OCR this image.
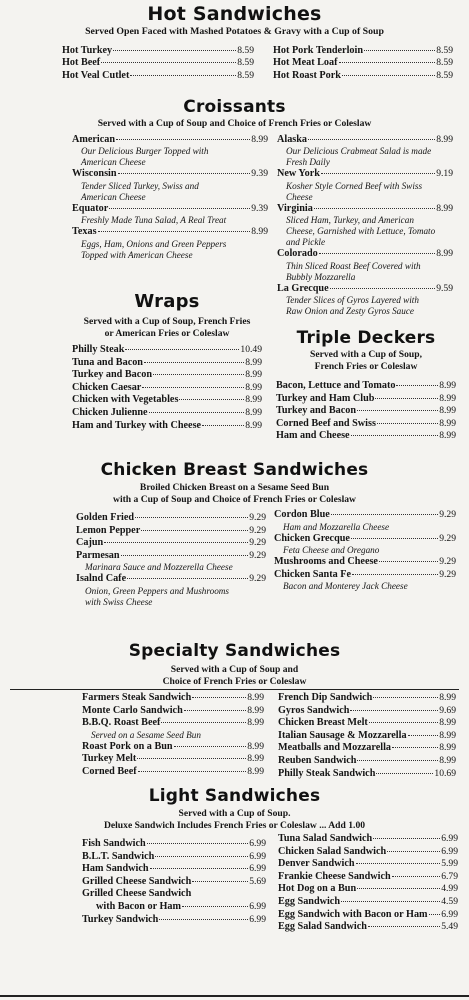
Hot Sandwiches
Served Open Faced with Mashed Potatoes & Gravy with a Cup of Soup
Hot Turkey	8.59
Hot Beef	8.59
Hot Veal Cutlet	8.59
Hot Pork Tenderloin	8.59
Hot Meat Loaf	8.59
Hot Roast Pork	8.59
Croissants
Served with a Cup of Soup and Choice of French Fries or Coleslaw
American	8.99
Our Delicious Burger Topped with
American Cheese
Wisconsin	9.39
Tender Sliced Turkey, Swiss and
American Cheese
Equator	9.39
Freshly Made Tuna Salad, A Real Treat
Texas	8.99
Eggs, Ham, Onions and Green Peppers
Topped with American Cheese
Alaska	8.99
Our Delicious Crabmeat Salad is made
Fresh Daily
New York	9.19
Kosher Style Corned Beef with Swiss
Cheese
Virginia	8.99
Sliced Ham, Turkey, and American
Cheese, Garnished with Lettuce, Tomato
and Pickle
Colorado	8.99
Thin Sliced Roast Beef Covered with
Bubbly Mozzarella
La Grecque	9.59
Tender Slices of Gyros Layered with
Raw Onion and Zesty Gyros Sauce
Wraps
Served with a Cup of Soup, French Fries
or American Fries or Coleslaw
Philly Steak	10.49
Tuna and Bacon	8.99
Turkey and Bacon	8.99
Chicken Caesar	8.99
Chicken with Vegetables	8.99
Chicken Julienne	8.99
Ham and Turkey with Cheese	8.99
Triple Deckers
Served with a Cup of Soup,
French Fries or Coleslaw
Bacon, Lettuce and Tomato	8.99
Turkey and Ham Club	8.99
Turkey and Bacon	8.99
Corned Beef and Swiss	8.99
Ham and Cheese	8.99
Chicken Breast Sandwiches
Broiled Chicken Breast on a Sesame Seed Bun
with a Cup of Soup and Choice of French Fries or Coleslaw
Golden Fried	9.29
Lemon Pepper	9.29
Cajun	9.29
Parmesan	9.29
Marinara Sauce and Mozzerella Cheese
Isalnd Cafe	9.29
Onion, Green Peppers and Mushrooms
with Swiss Cheese
Cordon Blue	9.29
Ham and Mozzarella Cheese
Chicken Grecque	9.29
Feta Cheese and Oregano
Mushrooms and Cheese	9.29
Chicken Santa Fe	9.29
Bacon and Monterey Jack Cheese
Specialty Sandwiches
Served with a Cup of Soup and
Choice of French Fries or Coleslaw
Farmers Steak Sandwich	8.99
Monte Carlo Sandwich	8.99
B.B.Q. Roast Beef	8.99
Served on a Sesame Seed Bun
Roast Pork on a Bun	8.99
Turkey Melt	8.99
Corned Beef	8.99
French Dip Sandwich	8.99
Gyros Sandwich	9.69
Chicken Breast Melt	8.99
Italian Sausage & Mozzarella	8.99
Meatballs and Mozzarella	8.99
Reuben Sandwich	8.99
Philly Steak Sandwich	10.69
Light Sandwiches
Served with a Cup of Soup.
Deluxe Sandwich Includes French Fries or Coleslaw ... Add 1.00
Fish Sandwich	6.99
B.L.T. Sandwich	6.99
Ham Sandwich	6.99
Grilled Cheese Sandwich	5.69
Grilled Cheese Sandwich
with Bacon or Ham	6.99
Turkey Sandwich	6.99
Tuna Salad Sandwich	6.99
Chicken Salad Sandwich	6.99
Denver Sandwich	5.99
Frankie Cheese Sandwich	6.79
Hot Dog on a Bun	4.99
Egg Sandwich	4.59
Egg Sandwich with Bacon or Ham 6.99
Egg Salad Sandwich	5.49
